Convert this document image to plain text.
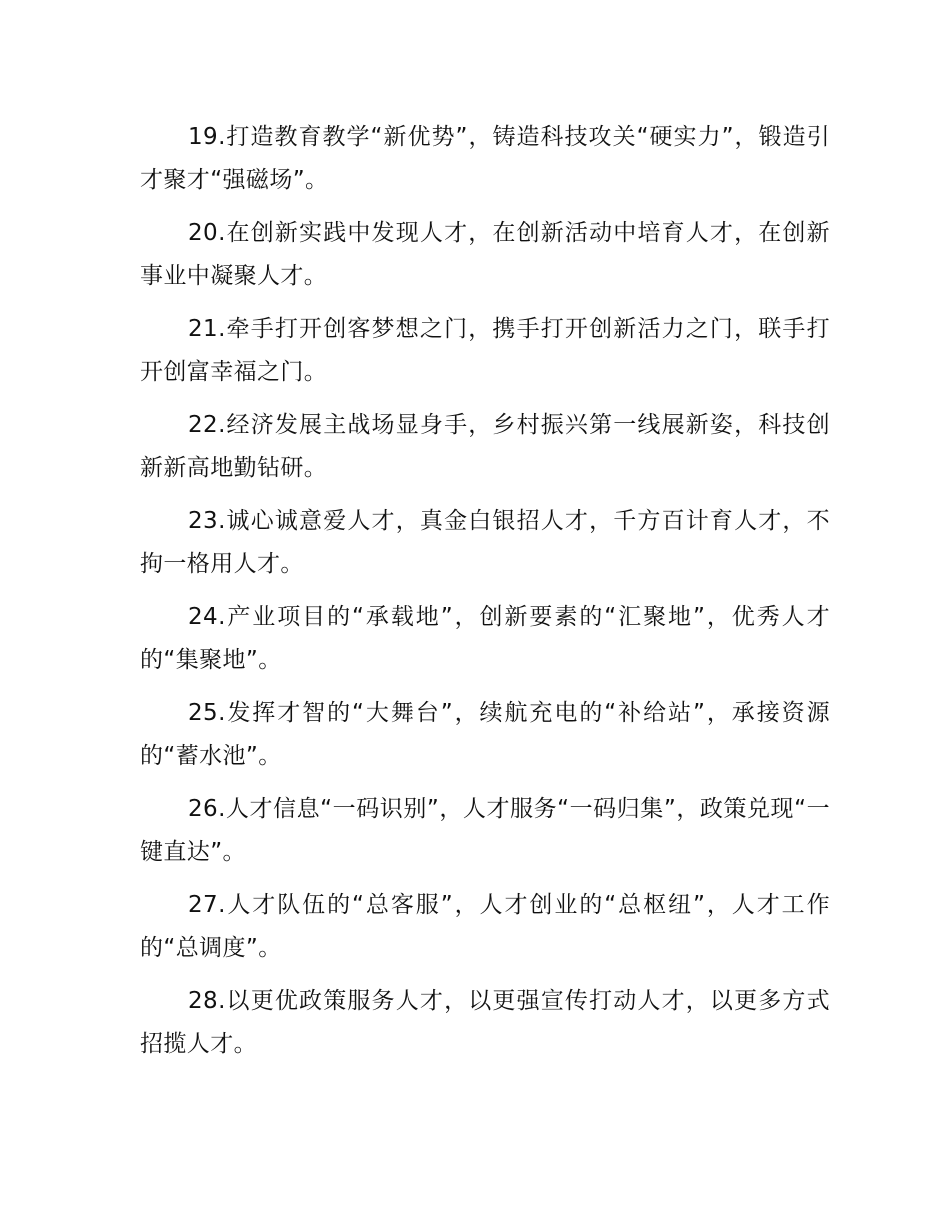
19.打造教育教学“新优势”，铸造科技攻关“硬实力”，锻造引才聚才“强磁场”。

20.在创新实践中发现人才，在创新活动中培育人才，在创新事业中凝聚人才。

21.牵手打开创客梦想之门，携手打开创新活力之门，联手打开创富幸福之门。

22.经济发展主战场显身手，乡村振兴第一线展新姿，科技创新新高地勤钻研。

23.诚心诚意爱人才，真金白银招人才，千方百计育人才，不拘一格用人才。

24.产业项目的“承载地”，创新要素的“汇聚地”，优秀人才的“集聚地”。

25.发挥才智的“大舞台”，续航充电的“补给站”，承接资源的“蓄水池”。

26.人才信息“一码识别”，人才服务“一码归集”，政策兑现“一键直达”。

27.人才队伍的“总客服”，人才创业的“总枢纽”，人才工作的“总调度”。

28.以更优政策服务人才，以更强宣传打动人才，以更多方式招揽人才。
